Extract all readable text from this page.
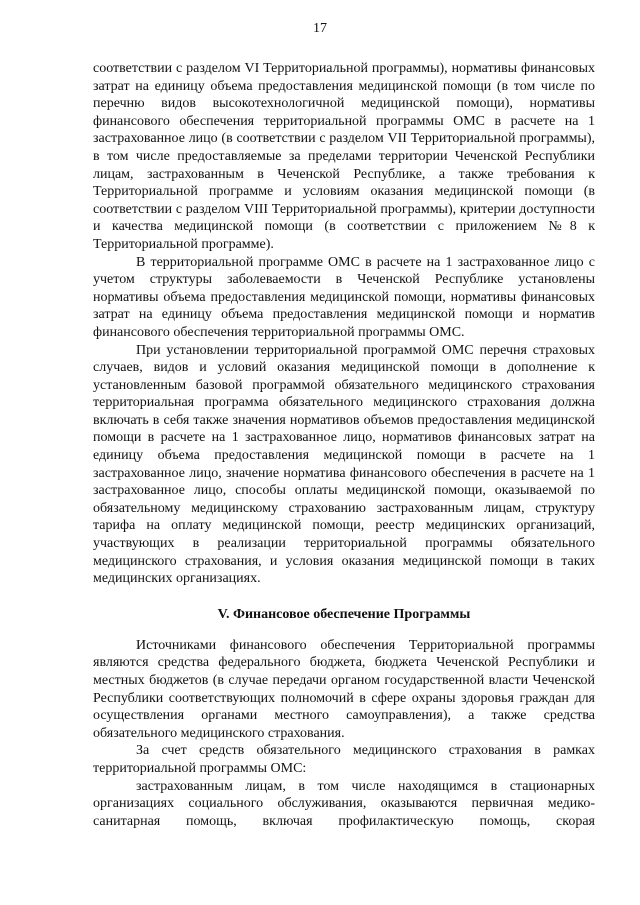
17

соответствии с разделом VI Территориальной программы), нормативы финансовых затрат на единицу объема предоставления медицинской помощи (в том числе по перечню видов высокотехнологичной медицинской помощи), нормативы финансового обеспечения территориальной программы ОМС в расчете на 1 застрахованное лицо (в соответствии с разделом VII Территориальной программы), в том числе предоставляемые за пределами территории Чеченской Республики лицам, застрахованным в Чеченской Республике, а также требования к Территориальной программе и условиям оказания медицинской помощи (в соответствии с разделом VIII Территориальной программы), критерии доступности и качества медицинской помощи (в соответствии с приложением №8 к Территориальной программе).

В территориальной программе ОМС в расчете на 1 застрахованное лицо с учетом структуры заболеваемости в Чеченской Республике установлены нормативы объема предоставления медицинской помощи, нормативы финансовых затрат на единицу объема предоставления медицинской помощи и норматив финансового обеспечения территориальной программы ОМС.

При установлении территориальной программой ОМС перечня страховых случаев, видов и условий оказания медицинской помощи в дополнение к установленным базовой программой обязательного медицинского страхования территориальная программа обязательного медицинского страхования должна включать в себя также значения нормативов объемов предоставления медицинской помощи в расчете на 1 застрахованное лицо, нормативов финансовых затрат на единицу объема предоставления медицинской помощи в расчете на 1 застрахованное лицо, значение норматива финансового обеспечения в расчете на 1 застрахованное лицо, способы оплаты медицинской помощи, оказываемой по обязательному медицинскому страхованию застрахованным лицам, структуру тарифа на оплату медицинской помощи, реестр медицинских организаций, участвующих в реализации территориальной программы обязательного медицинского страхования, и условия оказания медицинской помощи в таких медицинских организациях.

V. Финансовое обеспечение Программы

Источниками финансового обеспечения Территориальной программы являются средства федерального бюджета, бюджета Чеченской Республики и местных бюджетов (в случае передачи органом государственной власти Чеченской Республики соответствующих полномочий в сфере охраны здоровья граждан для осуществления органами местного самоуправления), а также средства обязательного медицинского страхования.

За счет средств обязательного медицинского страхования в рамках территориальной программы ОМС:

застрахованным лицам, в том числе находящимся в стационарных организациях социального обслуживания, оказываются первичная медико-санитарная помощь, включая профилактическую помощь, скорая
